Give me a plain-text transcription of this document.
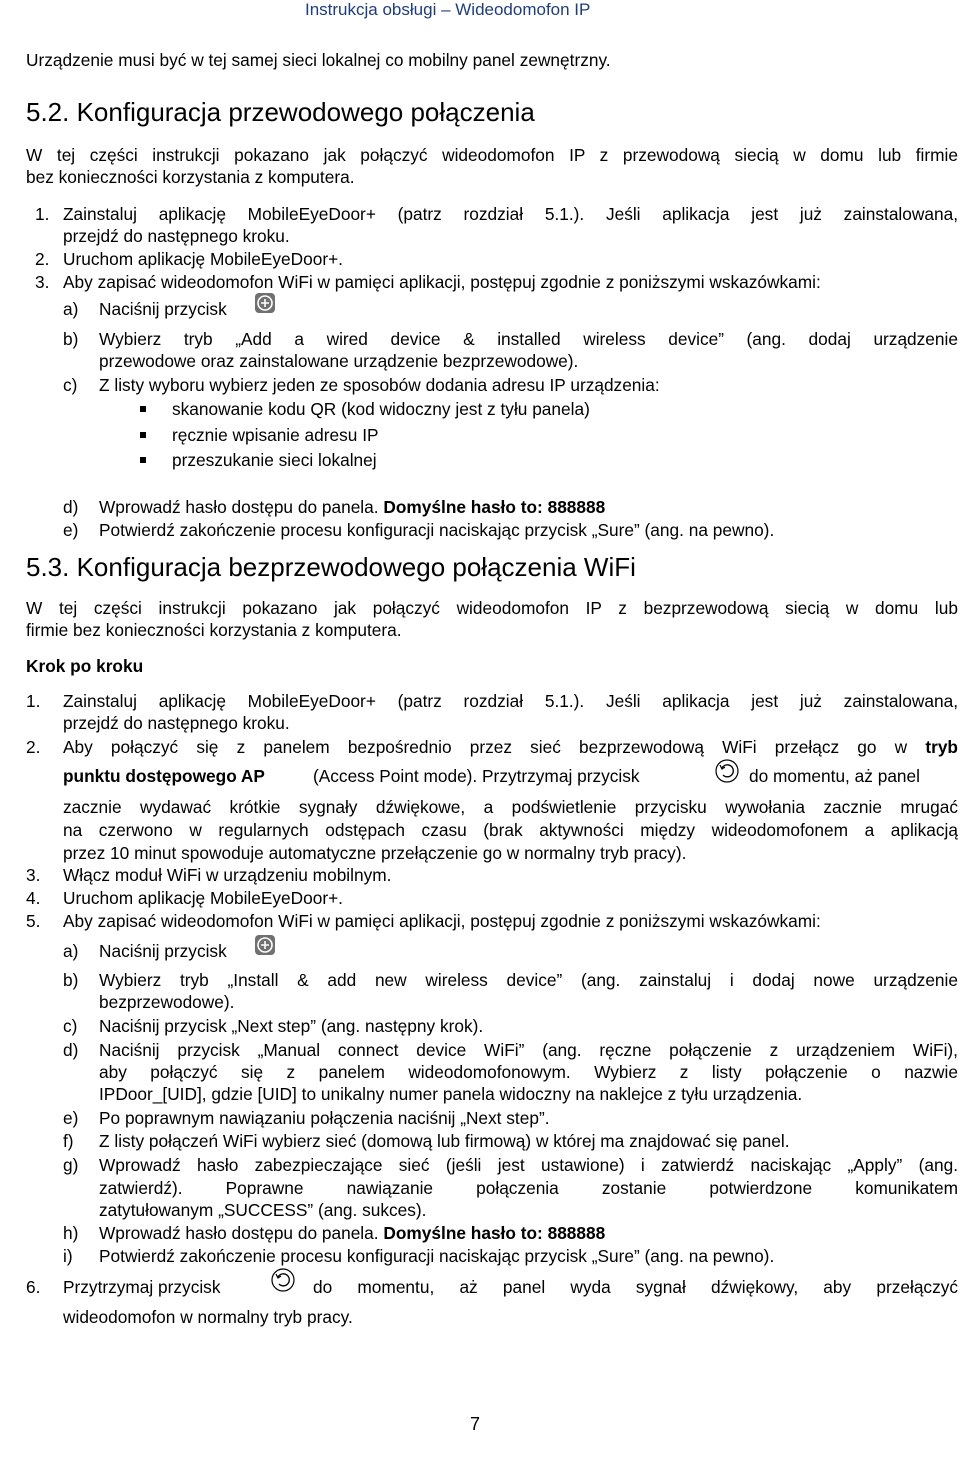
Instrukcja obsługi – Wideodomofon IP
Urządzenie musi być w tej samej sieci lokalnej co mobilny panel zewnętrzny.
5.2. Konfiguracja przewodowego połączenia
W tej części instrukcji pokazano jak połączyć wideodomofon IP z przewodową siecią w domu lub firmie
bez konieczności korzystania z komputera.
1. Zainstaluj aplikację MobileEyeDoor+ (patrz rozdział 5.1.). Jeśli aplikacja jest już zainstalowana,
przejdź do następnego kroku.
2. Uruchom aplikację MobileEyeDoor+.
3. Aby zapisać wideodomofon WiFi w pamięci aplikacji, postępuj zgodnie z poniższymi wskazówkami:
a) Naciśnij przycisk
b) Wybierz tryb „Add a wired device & installed wireless device” (ang. dodaj urządzenie
przewodowe oraz zainstalowane urządzenie bezprzewodowe).
c) Z listy wyboru wybierz jeden ze sposobów dodania adresu IP urządzenia:
skanowanie kodu QR (kod widoczny jest z tyłu panela)
ręcznie wpisanie adresu IP
przeszukanie sieci lokalnej
d) Wprowadź hasło dostępu do panela. Domyślne hasło to: 888888
e) Potwierdź zakończenie procesu konfiguracji naciskając przycisk „Sure” (ang. na pewno).
5.3. Konfiguracja bezprzewodowego połączenia WiFi
W tej części instrukcji pokazano jak połączyć wideodomofon IP z bezprzewodową siecią w domu lub
firmie bez konieczności korzystania z komputera.
Krok po kroku
1. Zainstaluj aplikację MobileEyeDoor+ (patrz rozdział 5.1.). Jeśli aplikacja jest już zainstalowana,
przejdź do następnego kroku.
2. Aby połączyć się z panelem bezpośrednio przez sieć bezprzewodową WiFi przełącz go w tryb
punktu dostępowego AP	(Access Point mode). Przytrzymaj przycisk	do momentu, aż panel
zacznie wydawać krótkie sygnały dźwiękowe, a podświetlenie przycisku wywołania zacznie mrugać
na czerwono w regularnych odstępach czasu (brak aktywności między wideodomofonem a aplikacją
przez 10 minut spowoduje automatyczne przełączenie go w normalny tryb pracy).
3. Włącz moduł WiFi w urządzeniu mobilnym.
4. Uruchom aplikację MobileEyeDoor+.
5. Aby zapisać wideodomofon WiFi w pamięci aplikacji, postępuj zgodnie z poniższymi wskazówkami:
a) Naciśnij przycisk
b) Wybierz tryb „Install & add new wireless device” (ang. zainstaluj i dodaj nowe urządzenie
bezprzewodowe).
c) Naciśnij przycisk „Next step” (ang. następny krok).
d) Naciśnij przycisk „Manual connect device WiFi” (ang. ręczne połączenie z urządzeniem WiFi),
aby połączyć się z panelem wideodomofonowym. Wybierz z listy połączenie o nazwie
IPDoor_[UID], gdzie [UID] to unikalny numer panela widoczny na naklejce z tyłu urządzenia.
e) Po poprawnym nawiązaniu połączenia naciśnij „Next step”.
f) Z listy połączeń WiFi wybierz sieć (domową lub firmową) w której ma znajdować się panel.
g) Wprowadź hasło zabezpieczające sieć (jeśli jest ustawione) i zatwierdź naciskając „Apply” (ang.
zatwierdź). Poprawne nawiązanie połączenia zostanie potwierdzone komunikatem
zatytułowanym „SUCCESS” (ang. sukces).
h) Wprowadź hasło dostępu do panela. Domyślne hasło to: 888888
i) Potwierdź zakończenie procesu konfiguracji naciskając przycisk „Sure” (ang. na pewno).
6. Przytrzymaj przycisk	do momentu, aż panel wyda sygnał dźwiękowy, aby przełączyć
wideodomofon w normalny tryb pracy.
7
